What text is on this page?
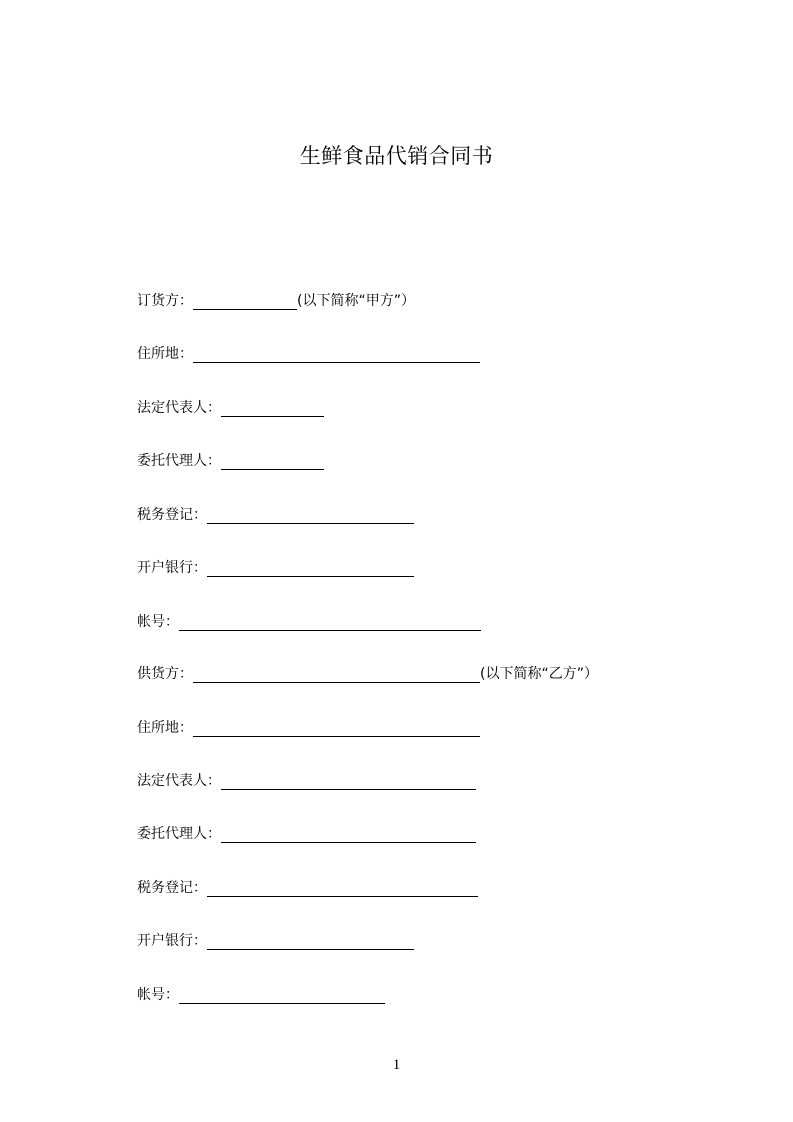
生鲜食品代销合同书
订货方：	(以下简称“甲方”）
住所地：
法定代表人：
委托代理人：
税务登记：
开户银行：
帐号：
供货方：	(以下简称“乙方”）
住所地：
法定代表人：
委托代理人：
税务登记：
开户银行：
帐号：
1
